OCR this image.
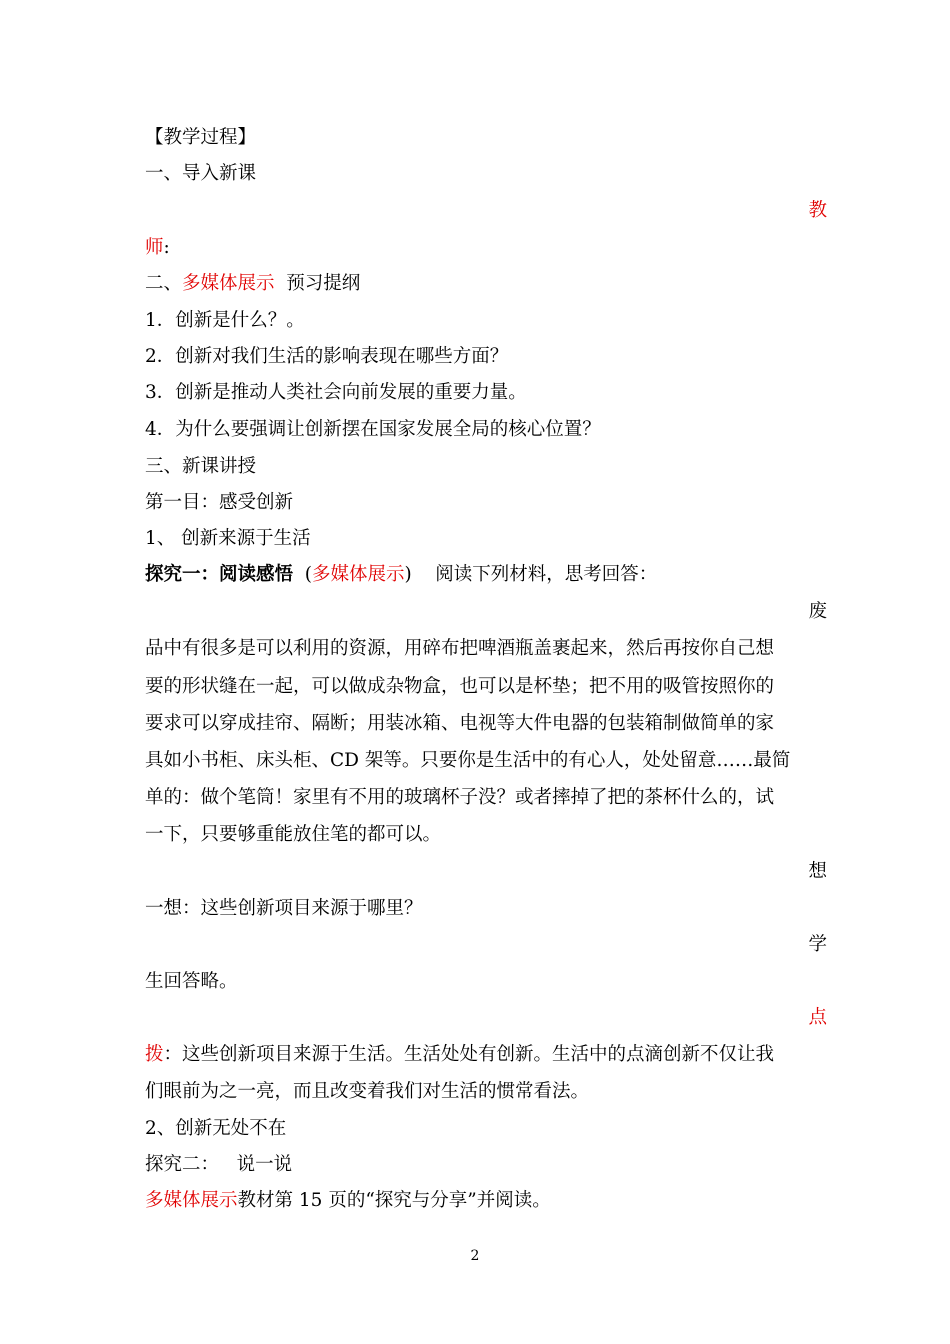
【教学过程】
一、导入新课
教
师:
二、多媒体展示  预习提纲
1．创新是什么？。
2．创新对我们生活的影响表现在哪些方面？
3．创新是推动人类社会向前发展的重要力量。
4．为什么要强调让创新摆在国家发展全局的核心位置？
三、新课讲授
第一目：感受创新
1、 创新来源于生活
探究一：阅读感悟  (多媒体展示)    阅读下列材料，思考回答：
废
品中有很多是可以利用的资源，用碎布把啤酒瓶盖裹起来，然后再按你自己想
要的形状缝在一起，可以做成杂物盒，也可以是杯垫；把不用的吸管按照你的
要求可以穿成挂帘、隔断；用装冰箱、电视等大件电器的包装箱制做简单的家
具如小书柜、床头柜、CD 架等。只要你是生活中的有心人，处处留意……最简
单的：做个笔筒！家里有不用的玻璃杯子没？或者摔掉了把的茶杯什么的，试
一下，只要够重能放住笔的都可以。
想
一想：这些创新项目来源于哪里？
学
生回答略。
点
拨：这些创新项目来源于生活。生活处处有创新。生活中的点滴创新不仅让我
们眼前为之一亮，而且改变着我们对生活的惯常看法。
2、创新无处不在
探究二：   说一说
多媒体展示教材第 15 页的“探究与分享”并阅读。
2
